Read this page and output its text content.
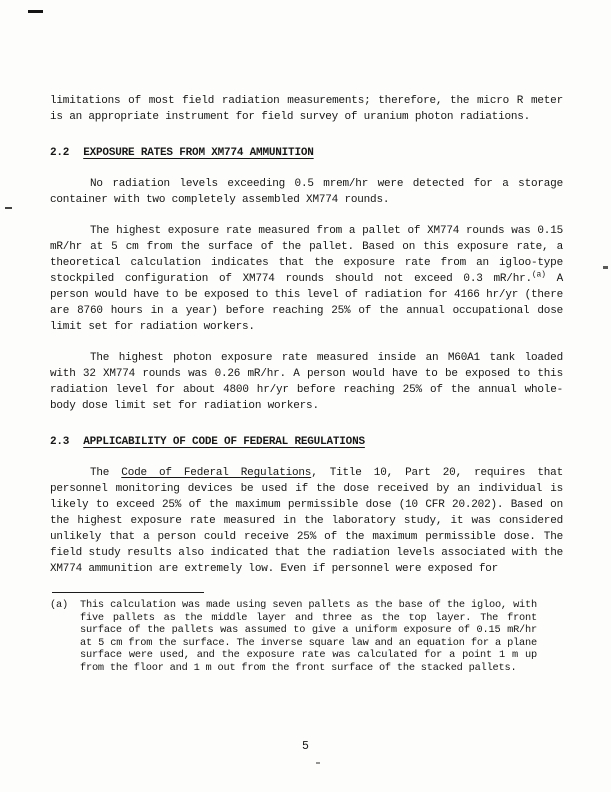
limitations of most field radiation measurements; therefore, the micro R meter is an appropriate instrument for field survey of uranium photon radiations.

2.2 EXPOSURE RATES FROM XM774 AMMUNITION

No radiation levels exceeding 0.5 mrem/hr were detected for a storage container with two completely assembled XM774 rounds.

The highest exposure rate measured from a pallet of XM774 rounds was 0.15 mR/hr at 5 cm from the surface of the pallet. Based on this exposure rate, a theoretical calculation indicates that the exposure rate from an igloo-type stockpiled configuration of XM774 rounds should not exceed 0.3 mR/hr.$^{(a)}$ A person would have to be exposed to this level of radiation for 4166 hr/yr (there are 8760 hours in a year) before reaching 25% of the annual occupational dose limit set for radiation workers.

The highest photon exposure rate measured inside an M60A1 tank loaded with 32 XM774 rounds was 0.26 mR/hr. A person would have to be exposed to this radiation level for about 4800 hr/yr before reaching 25% of the annual whole-body dose limit set for radiation workers.

2.3 APPLICABILITY OF CODE OF FEDERAL REGULATIONS

The Code of Federal Regulations, Title 10, Part 20, requires that personnel monitoring devices be used if the dose received by an individual is likely to exceed 25% of the maximum permissible dose (10 CFR 20.202). Based on the highest exposure rate measured in the laboratory study, it was considered unlikely that a person could receive 25% of the maximum permissible dose. The field study results also indicated that the radiation levels associated with the XM774 ammunition are extremely low. Even if personnel were exposed for

(a) This calculation was made using seven pallets as the base of the igloo, with five pallets as the middle layer and three as the top layer. The front surface of the pallets was assumed to give a uniform exposure of 0.15 mR/hr at 5 cm from the surface. The inverse square law and an equation for a plane surface were used, and the exposure rate was calculated for a point 1 m up from the floor and 1 m out from the front surface of the stacked pallets.
5
